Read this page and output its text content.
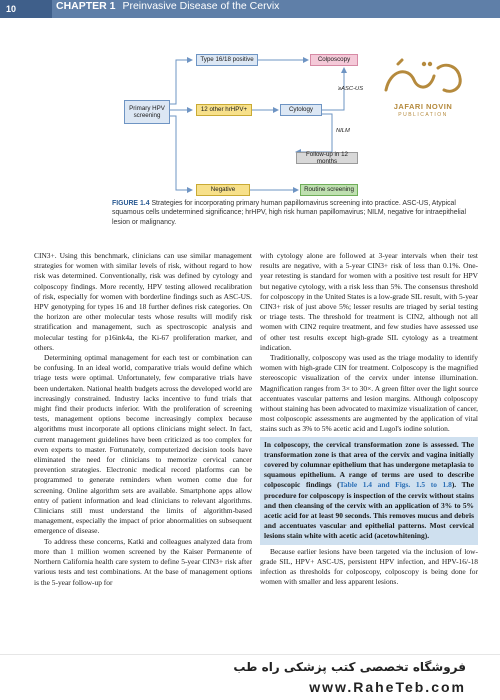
10	CHAPTER 1 Preinvasive Disease of the Cervix
Primary HPV screening
Type 16/18 positive
12 other hrHPV+
Colposcopy
Cytology
Follow-up in 12 months
Negative	Routine screening
≥ASC-US
NILM
JAFARI NOVIN
PUBLICATION
FIGURE 1.4 Strategies for incorporating primary human papillomavirus screening into practice. ASC-US, Atypical squamous cells undetermined significance; hrHPV, high risk human papillomavirus; NILM, negative for intraepithelial lesion or malignancy.

CIN3+. Using this benchmark, clinicians can use similar management strategies for women with similar levels of risk, without regard to how risk was determined. Conventionally, risk was defined by cytology and colposcopy findings. More recently, HPV testing allowed recalibration of risk, especially for women with borderline findings such as ASC-US. HPV genotyping for types 16 and 18 further defines risk categories. On the horizon are other molecular tests whose results will modify risk stratification and management, such as spectroscopic analysis and molecular testing for p16ink4a, the Ki-67 proliferation marker, and others.

Determining optimal management for each test or combination can be confusing. In an ideal world, comparative trials would define which triage tests were optimal. Unfortunately, few comparative trials have been undertaken. National health budgets across the developed world are increasingly constrained. Industry lacks incentive to fund trials that might find their products inferior. With the proliferation of screening tests, management options become increasingly complex because algorithms must incorporate all options clinicians might select. In fact, current management guidelines have been criticized as too complex for even experts to master. Fortunately, computerized decision tools have eliminated the need for clinicians to memorize cervical cancer prevention strategies. Electronic medical record platforms can be programmed to generate reminders when women come due for screening. Online algorithm sets are available. Smartphone apps allow entry of patient information and lead clinicians to relevant algorithms. Clinicians still must understand the limits of algorithm-based management, especially the impact of prior abnormalities on subsequent emergence of disease.

To address these concerns, Katki and colleagues analyzed data from more than 1 million women screened by the Kaiser Permanente of Northern California health care system to define 5-year CIN3+ risk after various tests and test combinations. At the base of management options is the 5-year follow-up for

with cytology alone are followed at 3-year intervals when their test results are negative, with a 5-year CIN3+ risk of less than 0.1%. One-year retesting is standard for women with a positive test result for HPV but negative cytology, with a risk less than 5%. The consensus threshold for colposcopy in the United States is a low-grade SIL result, with 5-year CIN3+ risk of just above 5%; lesser results are triaged by serial testing or triage tests. The threshold for treatment is CIN2, although not all women with CIN2 require treatment, and few studies have assessed use of other test results except high-grade SIL cytology as a treatment indication.

Traditionally, colposcopy was used as the triage modality to identify women with high-grade CIN for treatment. Colposcopy is the magnified stereoscopic visualization of the cervix under intense illumination. Magnification ranges from 3× to 30×. A green filter over the light source accentuates vascular patterns and lesion margins. Although colposcopy without staining has been advocated to maximize visualization of cancer, most colposcopic assessments are augmented by the application of vital stains such as 3% to 5% acetic acid and Lugol's iodine solution.

In colposcopy, the cervical transformation zone is assessed. The transformation zone is that area of the cervix and vagina initially covered by columnar epithelium that has undergone metaplasia to squamous epithelium. A range of terms are used to describe colposcopic findings (Table 1.4 and Figs. 1.5 to 1.8). The procedure for colposcopy is inspection of the cervix without stains and then cleansing of the cervix with an application of 3% to 5% acetic acid for at least 90 seconds. This removes mucus and debris and accentuates vascular and epithelial patterns. Most cervical lesions stain white with acetic acid (acetowhitening).

Because earlier lesions have been targeted via the inclusion of low-grade SIL, HPV+ ASC-US, persistent HPV infection, and HPV-16/-18 infection as thresholds for colposcopy, colposcopy is being done for women with smaller and less apparent lesions.

فروشگاه تخصصی کتب پزشکی راه طب
www.RaheTeb.com
